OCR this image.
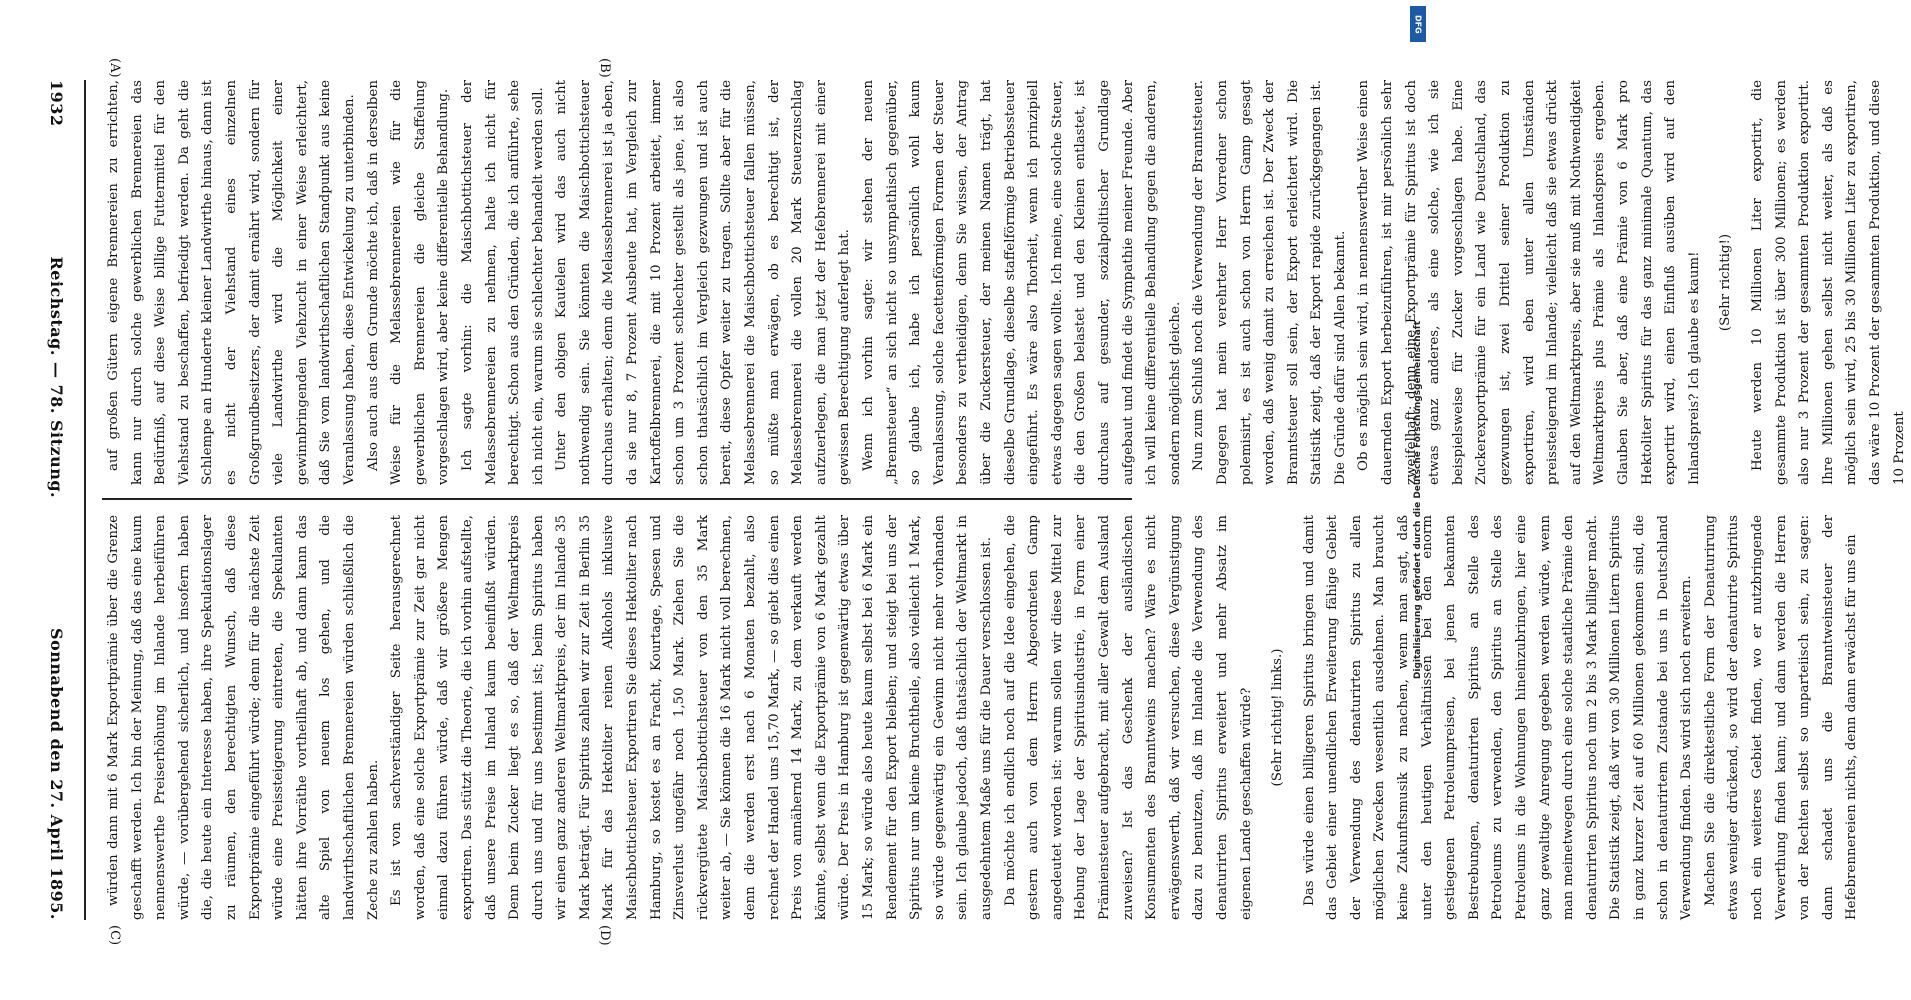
1932
Reichstag. — 78. Sitzung.
Sonnabend den 27. April 1895.

auf großen Gütern eigene Brennereien zu errichten, kann nur durch solche gewerblichen Brennereien das Bedürfniß, auf diese Weise billige Futtermittel für den Viehstand zu beschaffen, befriedigt werden. Da geht die Schlempe an Hunderte kleiner Landwirthe hinaus, dann ist es nicht der Viehstand eines einzelnen Großgrundbesitzers, der damit ernährt wird, sondern für viele Landwirthe wird die Möglichkeit einer gewinnbringenden Viehzucht in einer Weise erleichtert, daß Sie vom landwirthschaftlichen Standpunkt aus keine Veranlassung haben, diese Entwickelung zu unterbinden. Also auch aus dem Grunde möchte ich, daß in derselben Weise für die Melassebrennereien wie für die gewerblichen Brennereien die gleiche Staffelung vorgeschlagen wird, aber keine differentielle Behandlung. Ich sagte vorhin: die Maischbottichsteuer der Melassebrennereien zu nehmen, halte ich nicht für berechtigt. Schon aus den Gründen, die ich anführte, sehe ich nicht ein, warum sie schlechter behandelt werden soll. Unter den obigen Kautelen wird das auch nicht nothwendig sein. Sie könnten die Maischbottichsteuer durchaus erhalten; denn die Melassebrennerei ist ja eben, da sie nur 8, 7 Prozent Ausbeute hat, im Vergleich zur Kartoffelbrennerei, die mit 10 Prozent arbeitet, immer schon um 3 Prozent schlechter gestellt als jene, ist also schon thatsächlich im Vergleich gezwungen und ist auch bereit, diese Opfer weiter zu tragen. Sollte aber für die Melassebrennerei die Maischbottichsteuer fallen müssen, so müßte man erwägen, ob es berechtigt ist, der Melassebrennerei die vollen 20 Mark Steuerzuschlag aufzuerlegen, die man jetzt der Hefebrennerei mit einer gewissen Berechtigung auferlegt hat. Wenn ich vorhin sagte: wir stehen der neuen „Brennsteuer“ an sich nicht so unsympathisch gegenüber, so glaube ich, habe ich persönlich wohl kaum Veranlassung, solche facettenförmigen Formen der Steuer besonders zu vertheidigen, denn Sie wissen, der Antrag über die Zuckersteuer, der meinen Namen trägt, hat dieselbe Grundlage, dieselbe staffelförmige Betriebssteuer eingeführt. Es wäre also Thorheit, wenn ich prinzipiell etwas dagegen sagen wollte. Ich meine, eine solche Steuer, die den Großen belastet und den Kleinen entlastet, ist durchaus auf gesunder, sozialpolitischer Grundlage aufgebaut und findet die Sympathie meiner Freunde. Aber ich will keine differentielle Behandlung gegen die anderen, sondern möglichst gleiche. Nun zum Schluß noch die Verwendung der Branntsteuer. Dagegen hat mein verehrter Herr Vorredner schon polemisirt, es ist auch schon von Herrn Gamp gesagt worden, daß wenig damit zu erreichen ist. Der Zweck der Branntsteuer soll sein, der Export erleichtert wird. Die Statistik zeigt, daß der Export rapide zurückgegangen ist. Die Gründe dafür sind Allen bekannt. Ob es möglich sein wird, in nennenswerther Weise einen dauernden Export herbeizuführen, ist mir persönlich sehr zweifelhaft; denn eine Exportprämie für Spiritus ist doch etwas ganz anderes, als eine solche, wie ich sie beispielsweise für Zucker vorgeschlagen habe. Eine Zuckerexportprämie für ein Land wie Deutschland, das gezwungen ist, zwei Drittel seiner Produktion zu exportiren, wird eben unter allen Umständen preissteigernd im Inlande; vielleicht daß sie etwas drückt auf den Weltmarktpreis, aber sie muß mit Nothwendigkeit Weltmarktpreis plus Prämie als Inlandspreis ergeben. Glauben Sie aber, daß eine Prämie von 6 Mark pro Hektoliter Spiritus für das ganz minimale Quantum, das exportirt wird, einen Einfluß ausüben wird auf den Inlandspreis? Ich glaube es kaum!	(Sehr richtig!)	Heute werden 10 Millionen Liter exportirt, die gesammte Produktion ist über 300 Millionen; es werden also nur 3 Prozent der gesammten Produktion exportirt. Ihre Millionen gehen selbst nicht weiter, als daß es möglich sein wird, 25 bis 30 Millionen Liter zu exportiren, das wäre 10 Prozent der gesammten Produktion, und diese 10 Prozent

würden dann mit 6 Mark Exportprämie über die Grenze geschafft werden. Ich bin der Meinung, daß das eine kaum nennenswerthe Preiserhöhung im Inlande herbeiführen würde, — vorübergehend sicherlich, und insofern haben die, die heute ein Interesse haben, ihre Spekulationslager zu räumen, den berechtigten Wunsch, daß diese Exportprämie eingeführt würde; denn für die nächste Zeit würde eine Preissteigerung eintreten, die Spekulanten hätten ihre Vorräthe vortheilhaft ab, und dann kann das alte Spiel von neuem los gehen, und die landwirthschaftlichen Brennereien würden schließlich die Zeche zu zahlen haben. Es ist von sachverständiger Seite herausgerechnet worden, daß eine solche Exportprämie zur Zeit gar nicht einmal dazu führen würde, daß wir größere Mengen exportiren. Das stützt die Theorie, die ich vorhin aufstellte, daß unsere Preise im Inland kaum beeinflußt würden. Denn beim Zucker liegt es so, daß der Weltmarktpreis durch uns und für uns bestimmt ist; beim Spiritus haben wir einen ganz anderen Weltmarktpreis, der im Inlande 35 Mark beträgt. Für Spiritus zahlen wir zur Zeit in Berlin 35 Mark für das Hektoliter reinen Alkohols inklusive Maischbottichsteuer. Exportiren Sie dieses Hektoliter nach Hamburg, so kostet es an Fracht, Kourtage, Spesen und Zinsverlust ungefähr noch 1,50 Mark. Ziehen Sie die rückvergütete Maischbottichsteuer von den 35 Mark weiter ab, — Sie können die 16 Mark nicht voll berechnen, denn die werden erst nach 6 Monaten bezahlt, also rechnet der Handel uns 15,70 Mark, — so giebt dies einen Preis von annähernd 14 Mark, zu dem verkauft werden könnte, selbst wenn die Exportprämie von 6 Mark gezahlt würde. Der Preis in Hamburg ist gegenwärtig etwas über 15 Mark; so würde also heute kaum selbst bei 6 Mark ein Rendement für den Export bleiben; und steigt bei uns der Spiritus nur um kleine Bruchtheile, also vielleicht 1 Mark, so würde gegenwärtig ein Gewinn nicht mehr vorhanden sein. Ich glaube jedoch, daß thatsächlich der Weltmarkt in ausgedehntem Maße uns für die Dauer verschlossen ist. Da möchte ich endlich noch auf die Idee eingehen, die gestern auch von dem Herrn Abgeordneten Gamp angedeutet worden ist: warum sollen wir diese Mittel zur Hebung der Lage der Spiritusindustrie, in Form einer Prämiensteuer aufgebracht, mit aller Gewalt dem Ausland zuweisen? Ist das Geschenk der ausländischen Konsumenten des Branntweins machen? Wäre es nicht erwägenswerth, daß wir versuchen, diese Vergünstigung dazu zu benutzen, daß im Inlande die Verwendung des denaturirten Spiritus erweitert und mehr Absatz im eigenen Lande geschaffen würde?	(Sehr richtig! links.)	Das würde einen billigeren Spiritus bringen und damit das Gebiet einer unendlichen Erweiterung fähige Gebiet der Verwendung des denaturirten Spiritus zu allen möglichen Zwecken wesentlich ausdehnen. Man braucht keine Zukunftsmusik zu machen, wenn man sagt, daß unter den heutigen Verhältnissen bei den enorm gestiegenen Petroleumpreisen, bei jenen bekannten Bestrebungen, denaturirten Spiritus an Stelle des Petroleums zu verwenden, den Spiritus an Stelle des Petroleums in die Wohnungen hineinzubringen, hier eine ganz gewaltige Anregung gegeben werden würde, wenn man meinetwegen durch eine solche staatliche Prämie den denaturirten Spiritus noch um 2 bis 3 Mark billiger macht. Die Statistik zeigt, daß wir von 30 Millionen Litern Spiritus in ganz kurzer Zeit auf 60 Millionen gekommen sind, die schon in denaturirtem Zustande bei uns in Deutschland Verwendung finden. Das wird sich noch erweitern. Machen Sie die direktestliche Form der Denaturirung etwas weniger drückend, so wird der denaturirte Spiritus noch ein weiteres Gebiet finden, wo er nutzbringende Verwerthung finden kann; und dann werden die Herren von der Rechten selbst so unparteiisch sein, zu sagen: dann schadet uns die Branntweinsteuer der Hefebrennereien nichts, denn dann erwächst für uns ein

(A)	(B)
(C)	(D)
DFG
Digitalisierung gefördert durch die Deutsche Forschungsgemeinschaft
